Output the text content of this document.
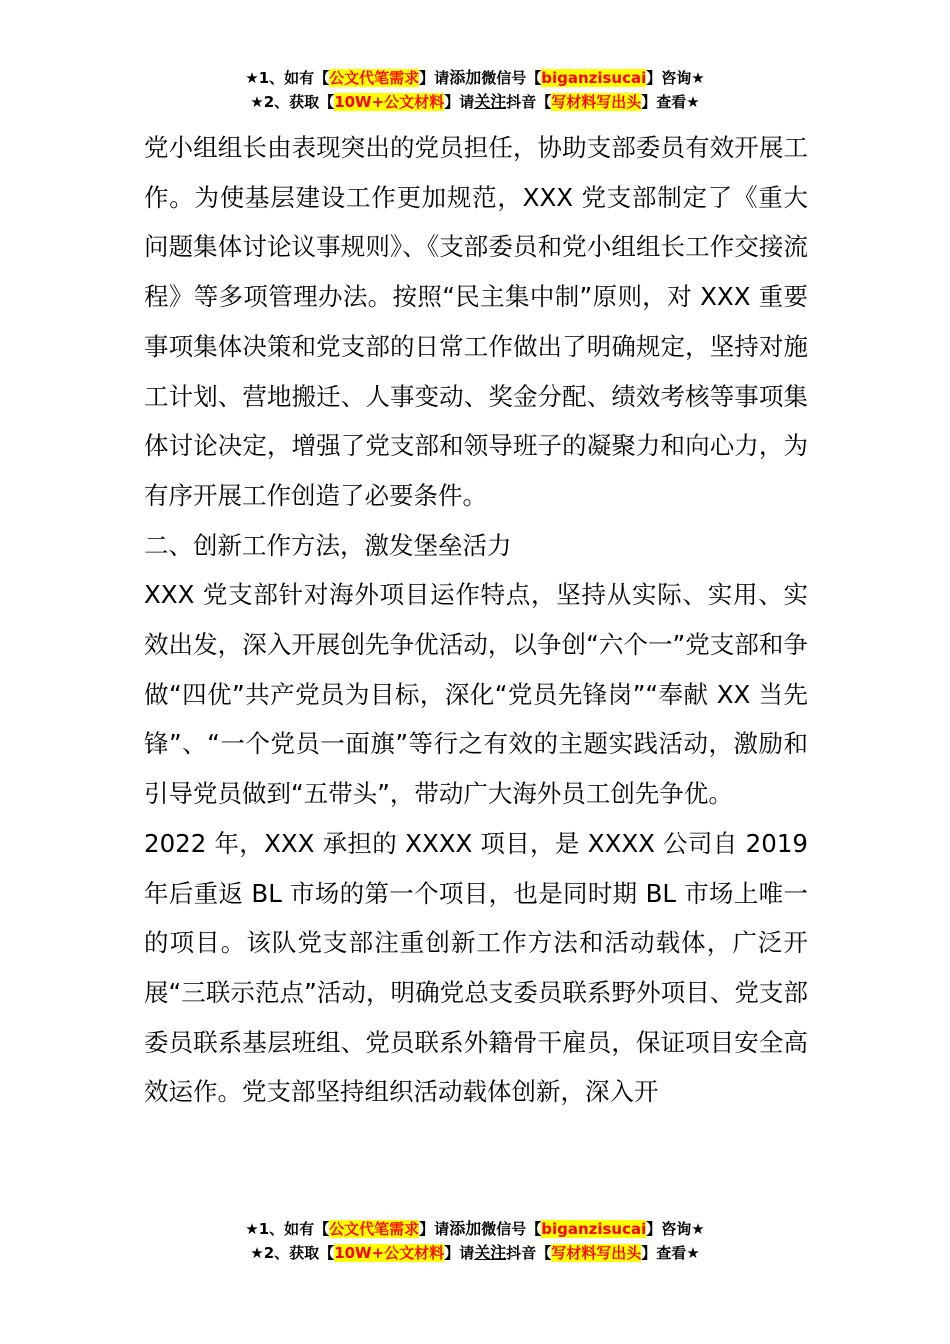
★1、如有【公文代笔需求】请添加微信号【biganzisucai】咨询★
★2、获取【10W+公文材料】请关注抖音【写材料写出头】查看★

党小组组长由表现突出的党员担任，协助支部委员有效开展工作。为使基层建设工作更加规范，XXX 党支部制定了《重大问题集体讨论议事规则》、《支部委员和党小组组长工作交接流程》等多项管理办法。按照“民主集中制”原则，对 XXX 重要事项集体决策和党支部的日常工作做出了明确规定，坚持对施工计划、营地搬迁、人事变动、奖金分配、绩效考核等事项集体讨论决定，增强了党支部和领导班子的凝聚力和向心力，为有序开展工作创造了必要条件。

二、创新工作方法，激发堡垒活力

XXX 党支部针对海外项目运作特点，坚持从实际、实用、实效出发，深入开展创先争优活动，以争创“六个一”党支部和争做“四优”共产党员为目标，深化“党员先锋岗”“奉献 XX 当先锋”、“一个党员一面旗”等行之有效的主题实践活动，激励和引导党员做到“五带头”，带动广大海外员工创先争优。

2022 年，XXX 承担的 XXXX 项目，是 XXXX 公司自 2019 年后重返 BL 市场的第一个项目，也是同时期 BL 市场上唯一的项目。该队党支部注重创新工作方法和活动载体，广泛开展“三联示范点”活动，明确党总支委员联系野外项目、党支部委员联系基层班组、党员联系外籍骨干雇员，保证项目安全高效运作。党支部坚持组织活动载体创新，深入开

★1、如有【公文代笔需求】请添加微信号【biganzisucai】咨询★
★2、获取【10W+公文材料】请关注抖音【写材料写出头】查看★
